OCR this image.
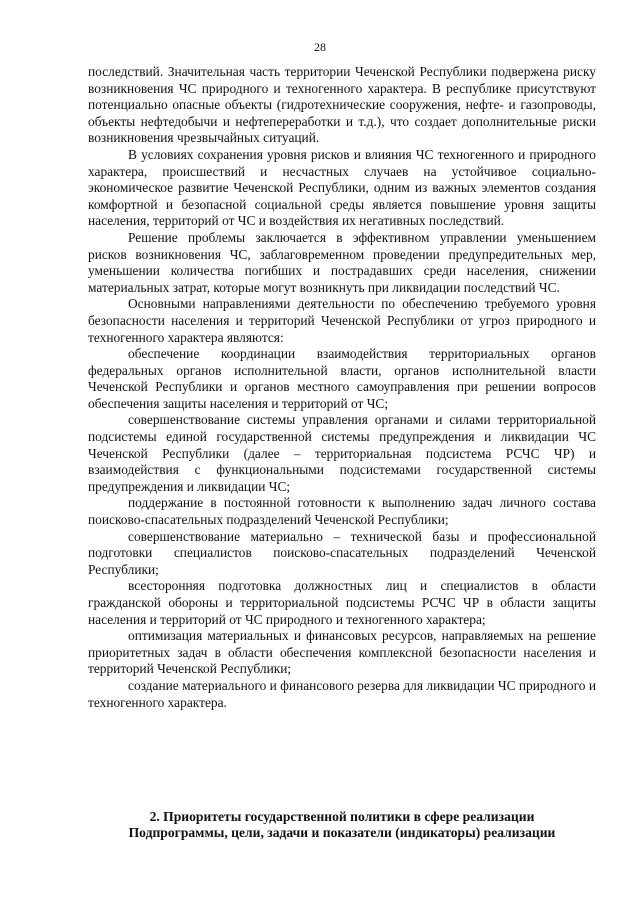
28

последствий. Значительная часть территории Чеченской Республики подвержена риску возникновения ЧС природного и техногенного характера. В республике присутствуют потенциально опасные объекты (гидротехнические сооружения, нефте- и газопроводы, объекты нефтедобычи и нефтепереработки и т.д.), что создает дополнительные риски возникновения чрезвычайных ситуаций.

В условиях сохранения уровня рисков и влияния ЧС техногенного и природного характера, происшествий и несчастных случаев на устойчивое социально-экономическое развитие Чеченской Республики, одним из важных элементов создания комфортной и безопасной социальной среды является повышение уровня защиты населения, территорий от ЧС и воздействия их негативных последствий.

Решение проблемы заключается в эффективном управлении уменьшением рисков возникновения ЧС, заблаговременном проведении предупредительных мер, уменьшении количества погибших и пострадавших среди населения, снижении материальных затрат, которые могут возникнуть при ликвидации последствий ЧС.

Основными направлениями деятельности по обеспечению требуемого уровня безопасности населения и территорий Чеченской Республики от угроз природного и техногенного характера являются:

обеспечение координации взаимодействия территориальных органов федеральных органов исполнительной власти, органов исполнительной власти Чеченской Республики и органов местного самоуправления при решении вопросов обеспечения защиты населения и территорий от ЧС;

совершенствование системы управления органами и силами территориальной подсистемы единой государственной системы предупреждения и ликвидации ЧС Чеченской Республики (далее – территориальная подсистема РСЧС ЧР) и взаимодействия с функциональными подсистемами государственной системы предупреждения и ликвидации ЧС;

поддержание в постоянной готовности к выполнению задач личного состава поисково-спасательных подразделений Чеченской Республики;

совершенствование материально – технической базы и профессиональной подготовки специалистов поисково-спасательных подразделений Чеченской Республики;

всесторонняя подготовка должностных лиц и специалистов в области гражданской обороны и территориальной подсистемы РСЧС ЧР в области защиты населения и территорий от ЧС природного и техногенного характера;

оптимизация материальных и финансовых ресурсов, направляемых на решение приоритетных задач в области обеспечения комплексной безопасности населения и территорий Чеченской Республики;

создание материального и финансового резерва для ликвидации ЧС природного и техногенного характера.

2. Приоритеты государственной политики в сфере реализации
Подпрограммы, цели, задачи и показатели (индикаторы) реализации
